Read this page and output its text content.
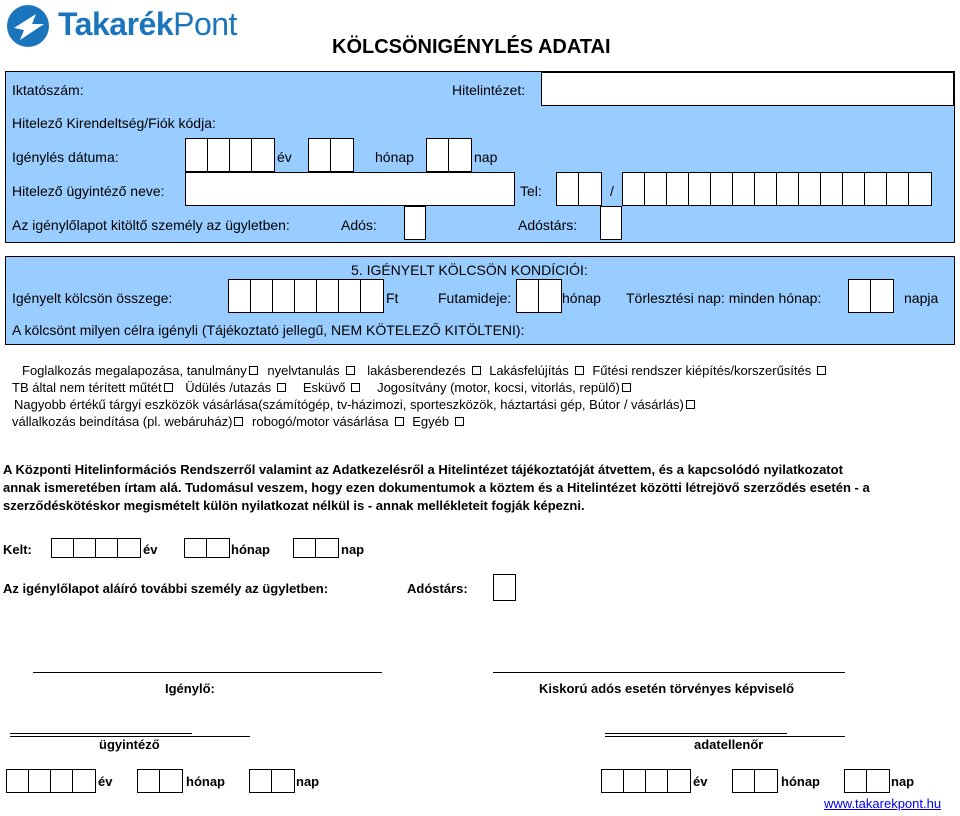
TakarékPont
KÖLCSÖNIGÉNYLÉS ADATAI
Iktatószám:	Hitelintézet:
Hitelező Kirendeltség/Fiók kódja:
Igénylés dátuma:	év	hónap	nap
Hitelező ügyintéző neve:	Tel:	/
Az igénylőlapot kitöltő személy az ügyletben:	Adós:	Adóstárs:
5. IGÉNYELT KÖLCSÖN KONDÍCIÓI:
Igényelt kölcsön összege:	Ft	Futamideje:	hónap Törlesztési nap: minden hónap:	napja
A kölcsönt milyen célra igényli (Tájékoztató jellegű, NEM KÖTELEZŐ KITÖLTENI):
Foglalkozás megalapozása, tanulmány nyelvtanulás lakásberendezés Lakásfelújítás Fűtési rendszer kiépítés/korszerűsítés
TB által nem térített műtét Üdülés /utazás Esküvő Jogosítvány (motor, kocsi, vitorlás, repülő)
Nagyobb értékű tárgyi eszközök vásárlása(számítógép, tv-házimozi, sporteszközök, háztartási gép, Bútor / vásárlás)
vállalkozás beindítása (pl. webáruház) robogó/motor vásárlása Egyéb
A Központi Hitelinformációs Rendszerről valamint az Adatkezelésről a Hitelintézet tájékoztatóját átvettem, és a kapcsolódó nyilatkozatot
annak ismeretében írtam alá. Tudomásul veszem, hogy ezen dokumentumok a köztem és a Hitelintézet közötti létrejövő szerződés esetén - a
szerződéskötéskor megismételt külön nyilatkozat nélkül is - annak mellékleteit fogják képezni.
Kelt:	év	hónap	nap
Az igénylőlapot aláíró további személy az ügyletben:	Adóstárs:
Igénylő:	Kiskorú adós esetén törvényes képviselő
ügyintéző	adatellenőr
év	hónap	nap	év	hónap	nap
www.takarekpont.hu
